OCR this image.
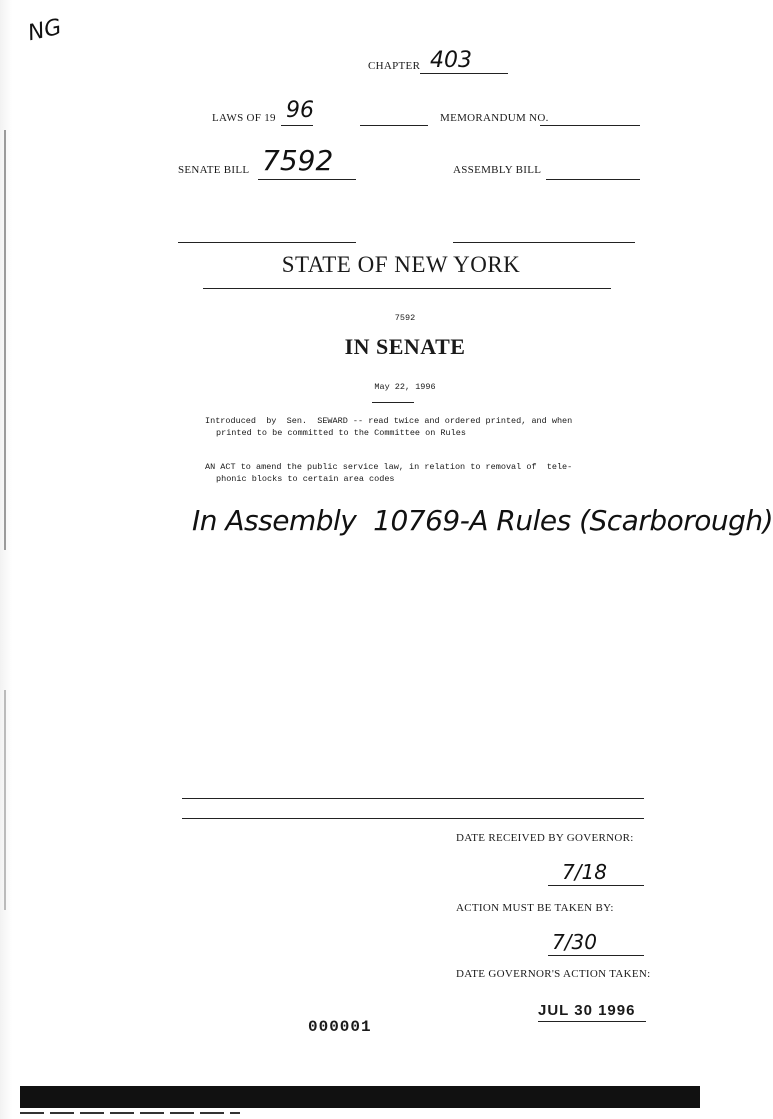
NG
CHAPTER 403
LAWS OF 19 96	MEMORANDUM NO.
SENATE BILL 7592	ASSEMBLY BILL
STATE OF NEW YORK
7592
IN SENATE
May 22, 1996
Introduced  by  Sen.  SEWARD -- read twice and ordered printed, and when
printed to be committed to the Committee on Rules
AN ACT to amend the public service law, in relation to removal of  tele-
phonic blocks to certain area codes
In Assembly  10769-A Rules (Scarborough)
DATE RECEIVED BY GOVERNOR:
7/18
ACTION MUST BE TAKEN BY:
7/30
DATE GOVERNOR'S ACTION TAKEN:
JUL 30 1996
000001
